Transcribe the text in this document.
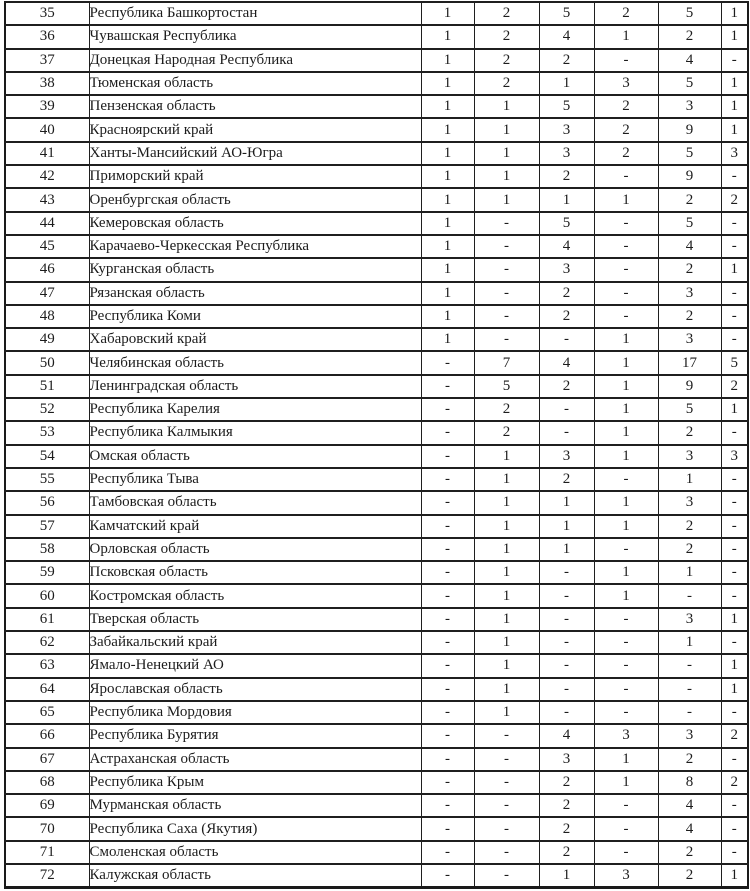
35	Республика Башкортостан	1	2	5	2	5	1
36	Чувашская Республика	1	2	4	1	2	1
37	Донецкая Народная Республика	1	2	2	-	4	-
38	Тюменская область	1	2	1	3	5	1
39	Пензенская область	1	1	5	2	3	1
40	Красноярский край	1	1	3	2	9	1
41	Ханты-Мансийский АО-Югра	1	1	3	2	5	3
42	Приморский край	1	1	2	-	9	-
43	Оренбургская область	1	1	1	1	2	2
44	Кемеровская область	1	-	5	-	5	-
45	Карачаево-Черкесская Республика	1	-	4	-	4	-
46	Курганская область	1	-	3	-	2	1
47	Рязанская область	1	-	2	-	3	-
48	Республика Коми	1	-	2	-	2	-
49	Хабаровский край	1	-	-	1	3	-
50	Челябинская область	-	7	4	1	17	5
51	Ленинградская область	-	5	2	1	9	2
52	Республика Карелия	-	2	-	1	5	1
53	Республика Калмыкия	-	2	-	1	2	-
54	Омская область	-	1	3	1	3	3
55	Республика Тыва	-	1	2	-	1	-
56	Тамбовская область	-	1	1	1	3	-
57	Камчатский край	-	1	1	1	2	-
58	Орловская область	-	1	1	-	2	-
59	Псковская область	-	1	-	1	1	-
60	Костромская область	-	1	-	1	-	-
61	Тверская область	-	1	-	-	3	1
62	Забайкальский край	-	1	-	-	1	-
63	Ямало-Ненецкий АО	-	1	-	-	-	1
64	Ярославская область	-	1	-	-	-	1
65	Республика Мордовия	-	1	-	-	-	-
66	Республика Бурятия	-	-	4	3	3	2
67	Астраханская область	-	-	3	1	2	-
68	Республика Крым	-	-	2	1	8	2
69	Мурманская область	-	-	2	-	4	-
70	Республика Саха (Якутия)	-	-	2	-	4	-
71	Смоленская область	-	-	2	-	2	-
72	Калужская область	-	-	1	3	2	1
